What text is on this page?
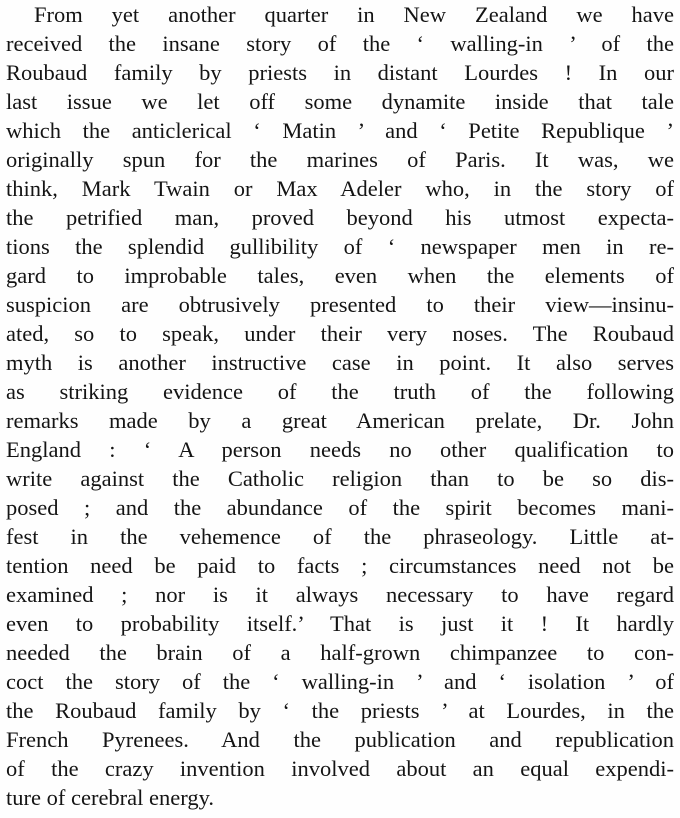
From yet another quarter in New Zealand we have
received the insane story of the ‘ walling-in ’ of the
Roubaud family by priests in distant Lourdes ! In our
last issue we let off some dynamite inside that tale
which the anticlerical ‘ Matin ’ and ‘ Petite Republique ’
originally spun for the marines of Paris. It was, we
think, Mark Twain or Max Adeler who, in the story of
the petrified man, proved beyond his utmost expecta-
tions the splendid gullibility of ‘ newspaper men in re-
gard to improbable tales, even when the elements of
suspicion are obtrusively presented to their view—insinu-
ated, so to speak, under their very noses. The Roubaud
myth is another instructive case in point. It also serves
as striking evidence of the truth of the following
remarks made by a great American prelate, Dr. John
England : ‘ A person needs no other qualification to
write against the Catholic religion than to be so dis-
posed ; and the abundance of the spirit becomes mani-
fest in the vehemence of the phraseology. Little at-
tention need be paid to facts ; circumstances need not be
examined ; nor is it always necessary to have regard
even to probability itself.’ That is just it ! It hardly
needed the brain of a half-grown chimpanzee to con-
coct the story of the ‘ walling-in ’ and ‘ isolation ’ of
the Roubaud family by ‘ the priests ’ at Lourdes, in the
French Pyrenees. And the publication and republication
of the crazy invention involved about an equal expendi-
ture of cerebral energy.
